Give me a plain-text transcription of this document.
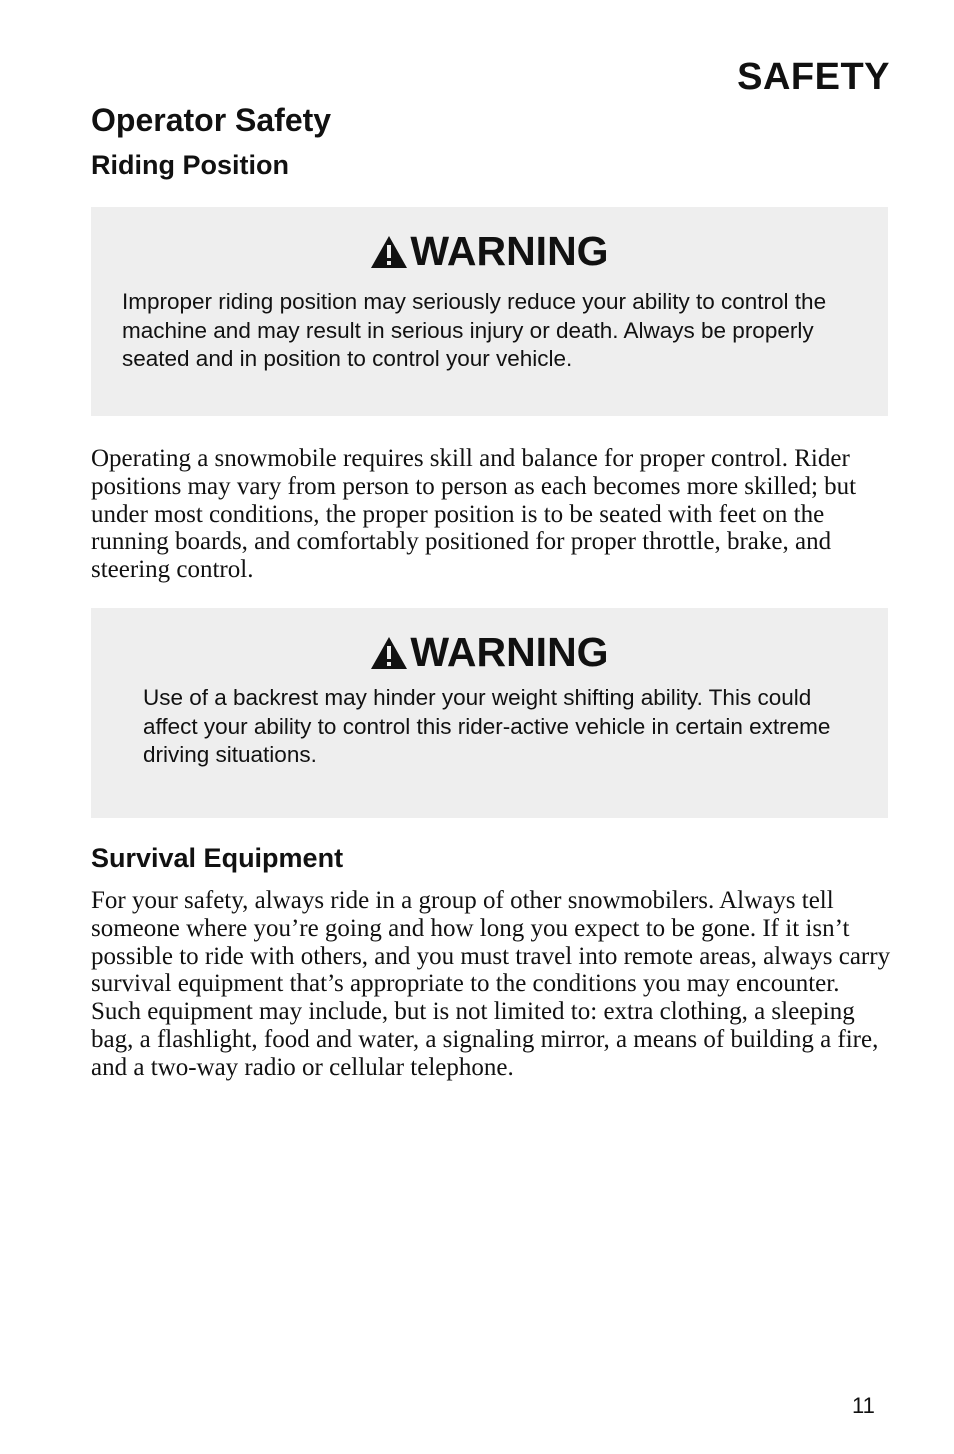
SAFETY
Operator Safety
Riding Position
WARNING

Improper riding position may seriously reduce your ability to control the machine and may result in serious injury or death. Always be properly seated and in position to control your vehicle.

Operating a snowmobile requires skill and balance for proper control. Rider positions may vary from person to person as each becomes more skilled; but under most conditions, the proper position is to be seated with feet on the running boards, and comfortably positioned for proper throttle, brake, and steering control.

WARNING

Use of a backrest may hinder your weight shifting ability. This could affect your ability to control this rider-active vehicle in certain extreme driving situations.

Survival Equipment

For your safety, always ride in a group of other snowmobilers. Always tell someone where you’re going and how long you expect to be gone. If it isn’t possible to ride with others, and you must travel into remote areas, always carry survival equipment that’s appropriate to the conditions you may encounter. Such equipment may include, but is not limited to: extra clothing, a sleeping bag, a flashlight, food and water, a signaling mirror, a means of building a fire, and a two-way radio or cellular telephone.

11
